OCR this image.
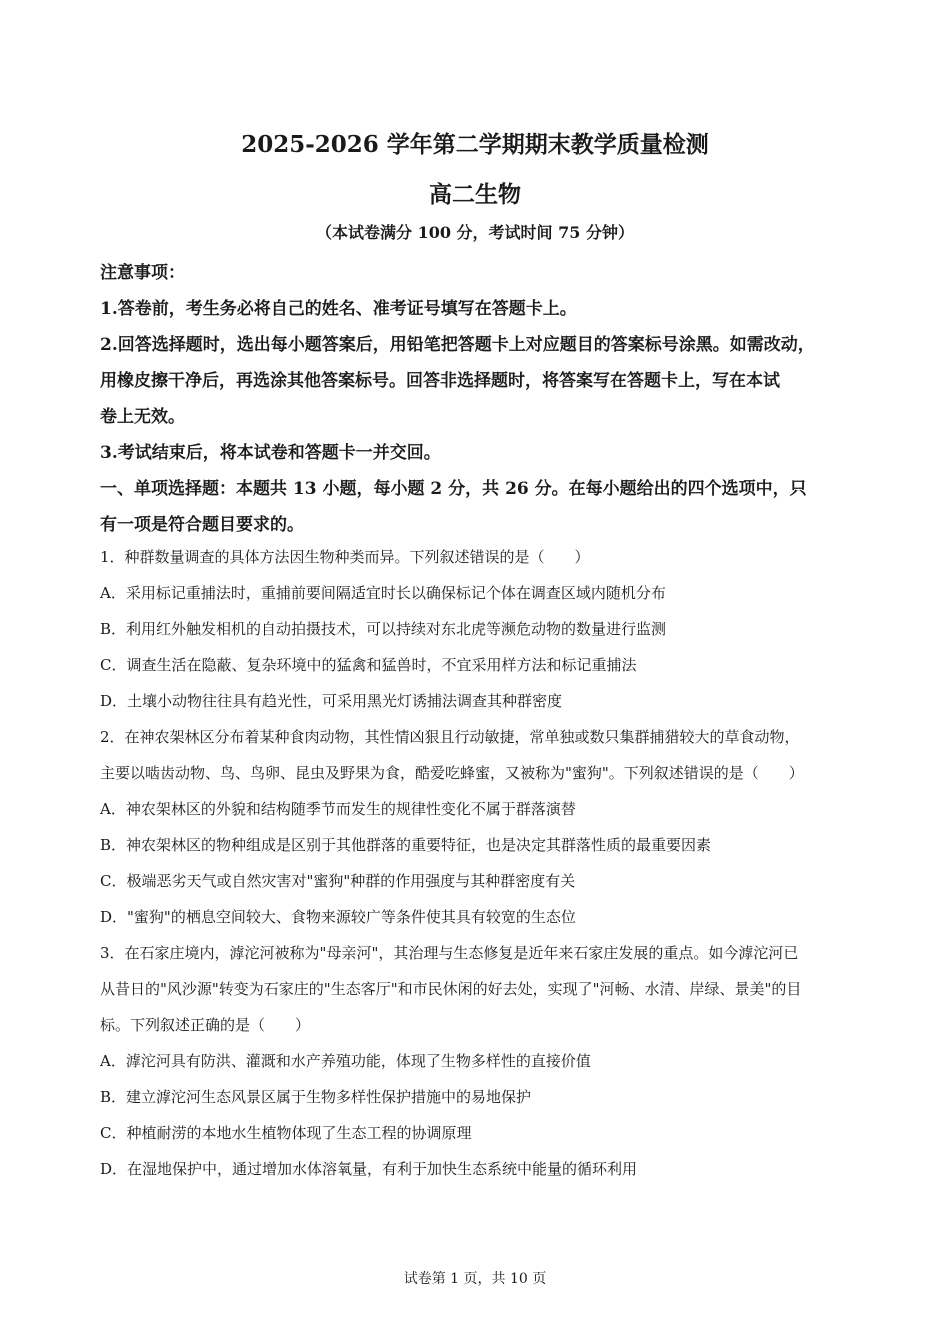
2025-2026 学年第二学期期末教学质量检测
高二生物
（本试卷满分 100 分，考试时间 75 分钟）
注意事项：
1.答卷前，考生务必将自己的姓名、准考证号填写在答题卡上。
2.回答选择题时，选出每小题答案后，用铅笔把答题卡上对应题目的答案标号涂黑。如需改动，
用橡皮擦干净后，再选涂其他答案标号。回答非选择题时，将答案写在答题卡上，写在本试
卷上无效。
3.考试结束后，将本试卷和答题卡一并交回。
一、单项选择题：本题共 13 小题，每小题 2 分，共 26 分。在每小题给出的四个选项中，只
有一项是符合题目要求的。
1．种群数量调查的具体方法因生物种类而异。下列叙述错误的是（　　）
A．采用标记重捕法时，重捕前要间隔适宜时长以确保标记个体在调查区域内随机分布
B．利用红外触发相机的自动拍摄技术，可以持续对东北虎等濒危动物的数量进行监测
C．调查生活在隐蔽、复杂环境中的猛禽和猛兽时，不宜采用样方法和标记重捕法
D．土壤小动物往往具有趋光性，可采用黑光灯诱捕法调查其种群密度
2．在神农架林区分布着某种食肉动物，其性情凶狠且行动敏捷，常单独或数只集群捕猎较大的草食动物，
主要以啮齿动物、鸟、鸟卵、昆虫及野果为食，酷爱吃蜂蜜，又被称为"蜜狗"。下列叙述错误的是（　　）
A．神农架林区的外貌和结构随季节而发生的规律性变化不属于群落演替
B．神农架林区的物种组成是区别于其他群落的重要特征，也是决定其群落性质的最重要因素
C．极端恶劣天气或自然灾害对"蜜狗"种群的作用强度与其种群密度有关
D．"蜜狗"的栖息空间较大、食物来源较广等条件使其具有较宽的生态位
3．在石家庄境内，滹沱河被称为"母亲河"，其治理与生态修复是近年来石家庄发展的重点。如今滹沱河已
从昔日的"风沙源"转变为石家庄的"生态客厅"和市民休闲的好去处，实现了"河畅、水清、岸绿、景美"的目
标。下列叙述正确的是（　　）
A．滹沱河具有防洪、灌溉和水产养殖功能，体现了生物多样性的直接价值
B．建立滹沱河生态风景区属于生物多样性保护措施中的易地保护
C．种植耐涝的本地水生植物体现了生态工程的协调原理
D．在湿地保护中，通过增加水体溶氧量，有利于加快生态系统中能量的循环利用
试卷第 1 页，共 10 页
